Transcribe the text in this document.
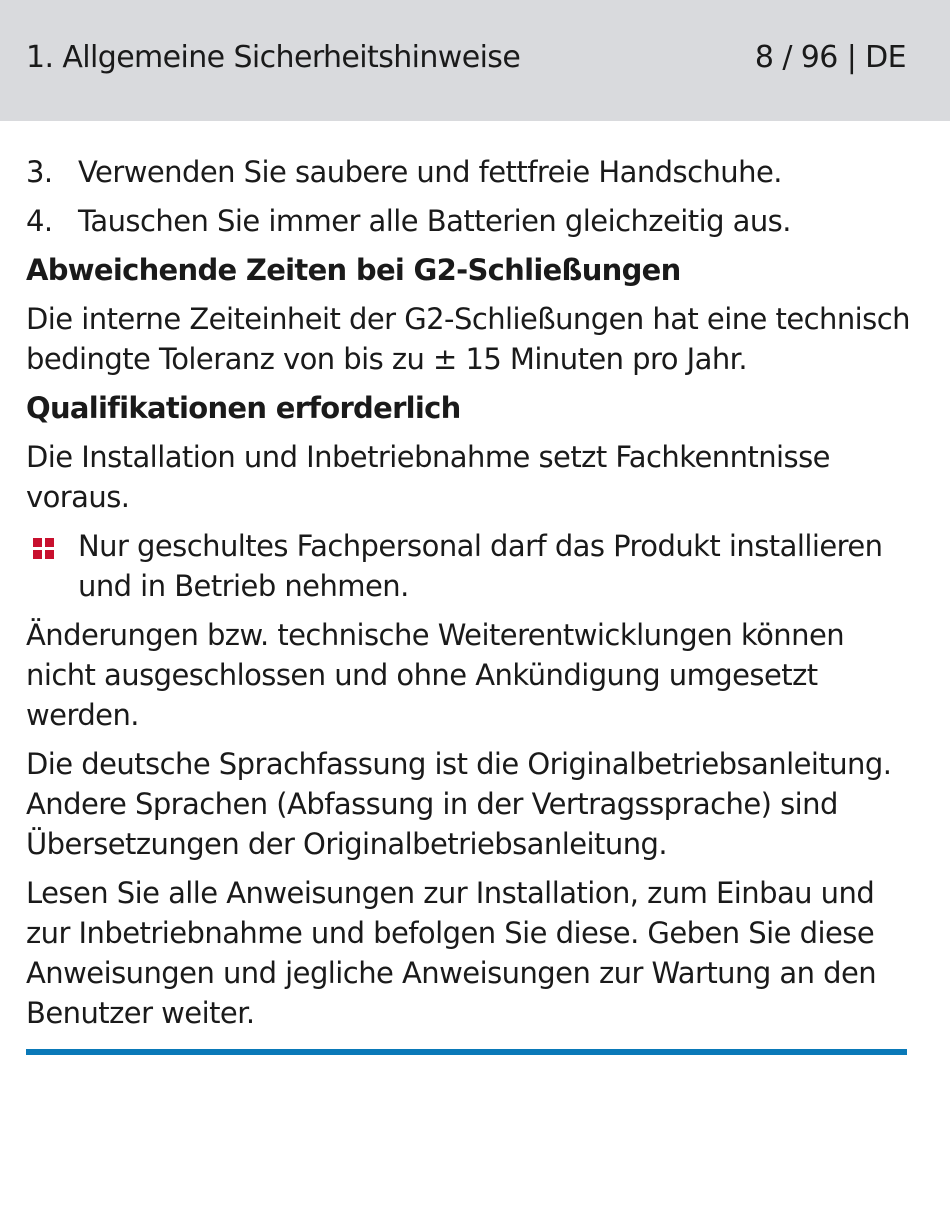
1. Allgemeine Sicherheitshinweise	8 / 96 | DE

3. Verwenden Sie saubere und fettfreie Handschuhe.

4. Tauschen Sie immer alle Batterien gleichzeitig aus.

Abweichende Zeiten bei G2-Schließungen

Die interne Zeiteinheit der G2-Schließungen hat eine technisch bedingte Toleranz von bis zu ± 15 Minuten pro Jahr.

Qualifikationen erforderlich

Die Installation und Inbetriebnahme setzt Fachkenntnisse voraus.

Nur geschultes Fachpersonal darf das Produkt installieren und in Betrieb nehmen.

Änderungen bzw. technische Weiterentwicklungen können nicht ausgeschlossen und ohne Ankündigung umgesetzt werden.

Die deutsche Sprachfassung ist die Originalbetriebsanleitung. Andere Sprachen (Abfassung in der Vertragssprache) sind Übersetzungen der Originalbetriebsanleitung.

Lesen Sie alle Anweisungen zur Installation, zum Einbau und zur Inbetriebnahme und befolgen Sie diese. Geben Sie diese Anweisungen und jegliche Anweisungen zur Wartung an den Benutzer weiter.
